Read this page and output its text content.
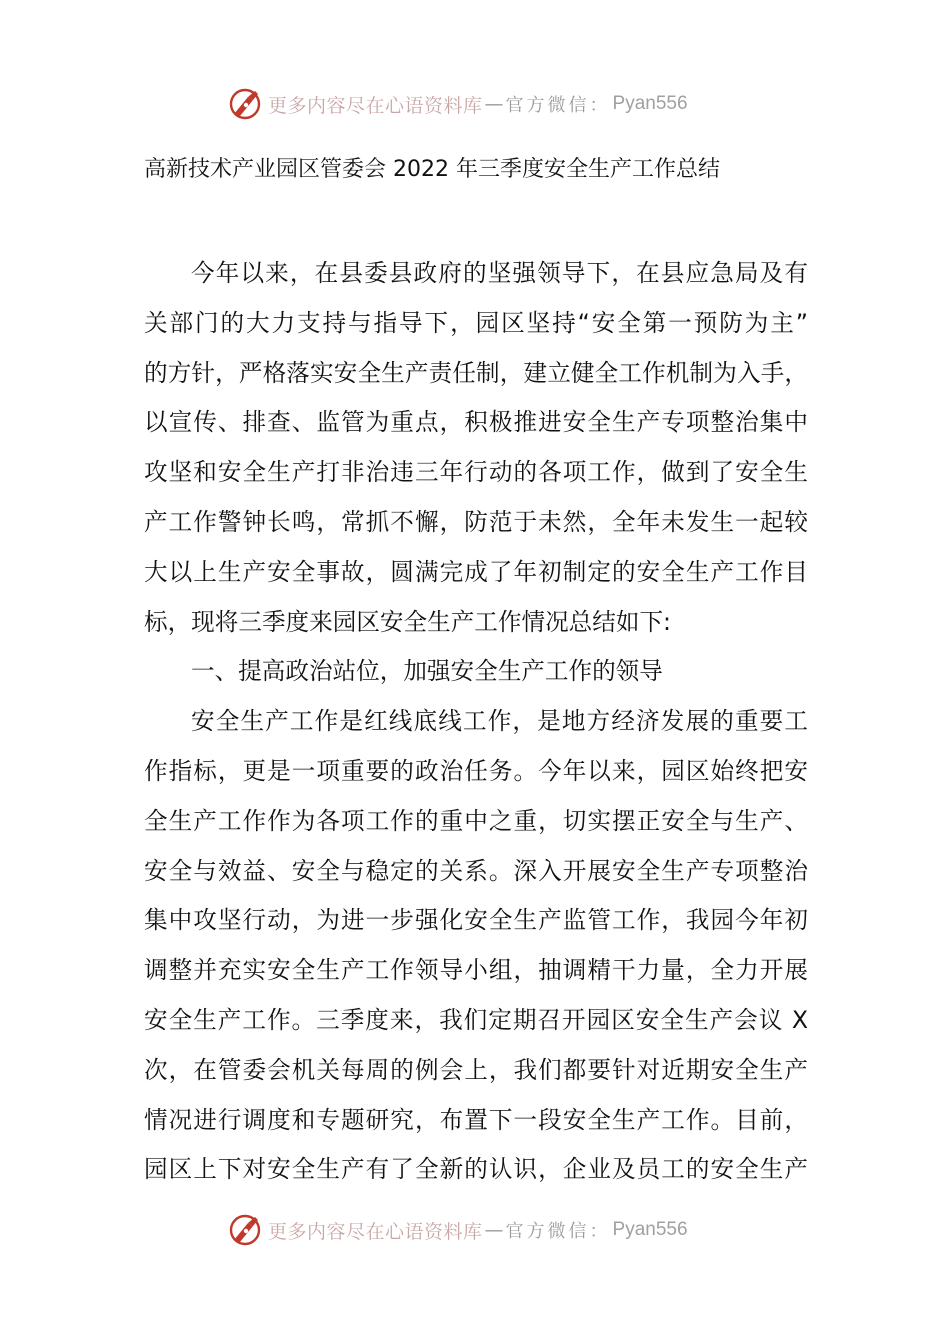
更多内容尽在心语资料库 — 官方微信： Pyan556
高新技术产业园区管委会 2022 年三季度安全生产工作总结

今年以来，在县委县政府的坚强领导下，在县应急局及有

关部门的大力支持与指导下，园区坚持“安全第一预防为主”

的方针，严格落实安全生产责任制，建立健全工作机制为入手，

以宣传、排查、监管为重点，积极推进安全生产专项整治集中

攻坚和安全生产打非治违三年行动的各项工作，做到了安全生

产工作警钟长鸣，常抓不懈，防范于未然，全年未发生一起较

大以上生产安全事故，圆满完成了年初制定的安全生产工作目

标，现将三季度来园区安全生产工作情况总结如下:

一、提高政治站位，加强安全生产工作的领导

安全生产工作是红线底线工作，是地方经济发展的重要工

作指标，更是一项重要的政治任务。今年以来，园区始终把安

全生产工作作为各项工作的重中之重，切实摆正安全与生产、

安全与效益、安全与稳定的关系。深入开展安全生产专项整治

集中攻坚行动，为进一步强化安全生产监管工作，我园今年初

调整并充实安全生产工作领导小组，抽调精干力量，全力开展

安全生产工作。三季度来，我们定期召开园区安全生产会议 X

次，在管委会机关每周的例会上，我们都要针对近期安全生产

情况进行调度和专题研究，布置下一段安全生产工作。目前，

园区上下对安全生产有了全新的认识，企业及员工的安全生产

更多内容尽在心语资料库 — 官方微信： Pyan556
